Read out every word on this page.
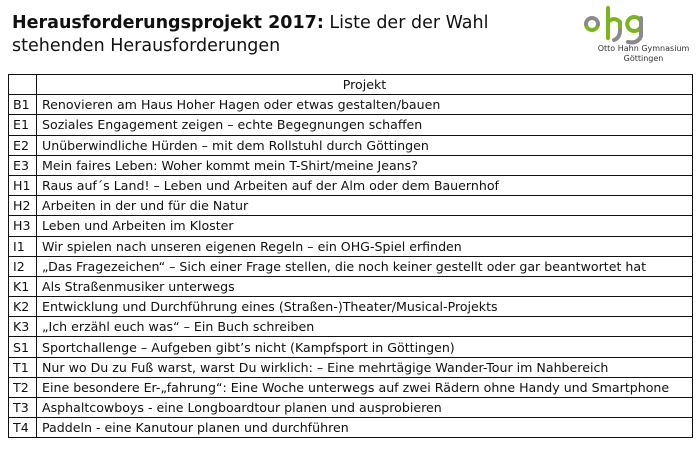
Herausforderungsprojekt 2017: Liste der der Wahl stehenden Herausforderungen	Otto Hahn Gymnasium
Göttingen
	Projekt
B1	Renovieren am Haus Hoher Hagen oder etwas gestalten/bauen
E1	Soziales Engagement zeigen – echte Begegnungen schaffen
E2	Unüberwindliche Hürden – mit dem Rollstuhl durch Göttingen
E3	Mein faires Leben: Woher kommt mein T-Shirt/meine Jeans?
H1	Raus auf´s Land! – Leben und Arbeiten auf der Alm oder dem Bauernhof
H2	Arbeiten in der und für die Natur
H3	Leben und Arbeiten im Kloster
I1	Wir spielen nach unseren eigenen Regeln – ein OHG-Spiel erfinden
I2	„Das Fragezeichen“ – Sich einer Frage stellen, die noch keiner gestellt oder gar beantwortet hat
K1	Als Straßenmusiker unterwegs
K2	Entwicklung und Durchführung eines (Straßen-)Theater/Musical-Projekts
K3	„Ich erzähl euch was“ – Ein Buch schreiben
S1	Sportchallenge – Aufgeben gibt’s nicht (Kampfsport in Göttingen)
T1	Nur wo Du zu Fuß warst, warst Du wirklich: – Eine mehrtägige Wander-Tour im Nahbereich
T2	Eine besondere Er-„fahrung“: Eine Woche unterwegs auf zwei Rädern ohne Handy und Smartphone
T3	Asphaltcowboys - eine Longboardtour planen und ausprobieren
T4	Paddeln - eine Kanutour planen und durchführen
